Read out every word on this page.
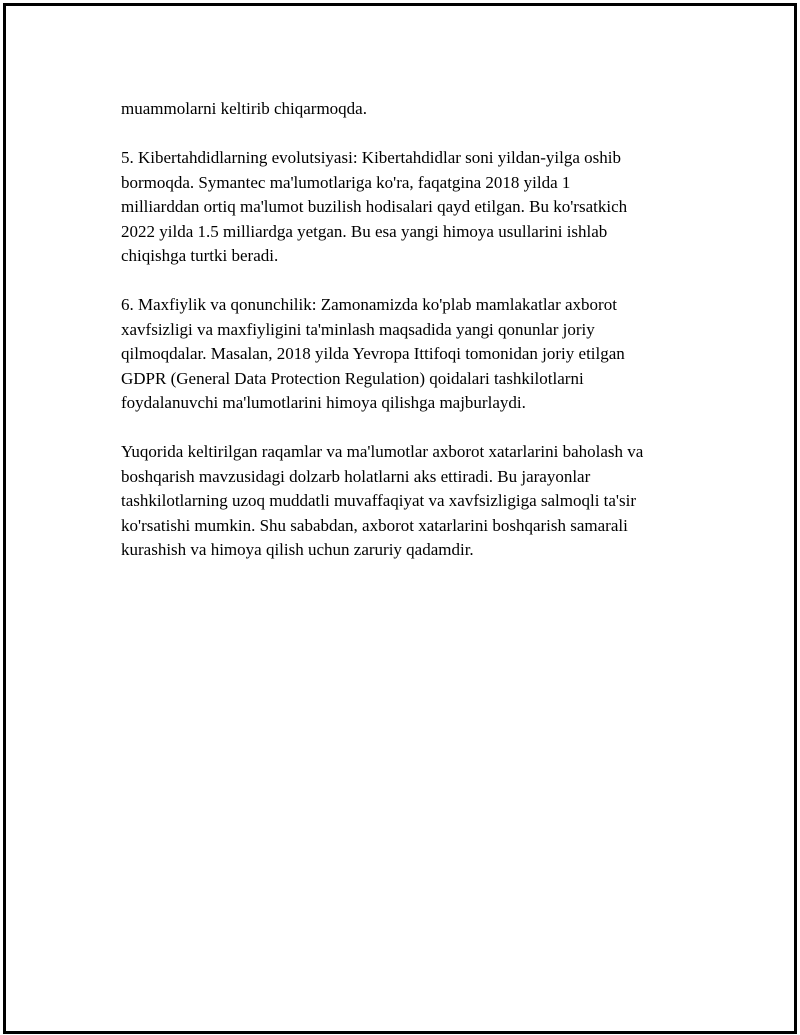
muammolarni keltirib chiqarmoqda.

5. Kibertahdidlarning evolutsiyasi: Kibertahdidlar soni yildan-yilga oshib
bormoqda. Symantec ma'lumotlariga ko'ra, faqatgina 2018 yilda 1
milliarddan ortiq ma'lumot buzilish hodisalari qayd etilgan. Bu ko'rsatkich
2022 yilda 1.5 milliardga yetgan. Bu esa yangi himoya usullarini ishlab
chiqishga turtki beradi.

6. Maxfiylik va qonunchilik: Zamonamizda ko'plab mamlakatlar axborot
xavfsizligi va maxfiyligini ta'minlash maqsadida yangi qonunlar joriy
qilmoqdalar. Masalan, 2018 yilda Yevropa Ittifoqi tomonidan joriy etilgan
GDPR (General Data Protection Regulation) qoidalari tashkilotlarni
foydalanuvchi ma'lumotlarini himoya qilishga majburlaydi.

Yuqorida keltirilgan raqamlar va ma'lumotlar axborot xatarlarini baholash va
boshqarish mavzusidagi dolzarb holatlarni aks ettiradi. Bu jarayonlar
tashkilotlarning uzoq muddatli muvaffaqiyat va xavfsizligiga salmoqli ta'sir
ko'rsatishi mumkin. Shu sababdan, axborot xatarlarini boshqarish samarali
kurashish va himoya qilish uchun zaruriy qadamdir.
